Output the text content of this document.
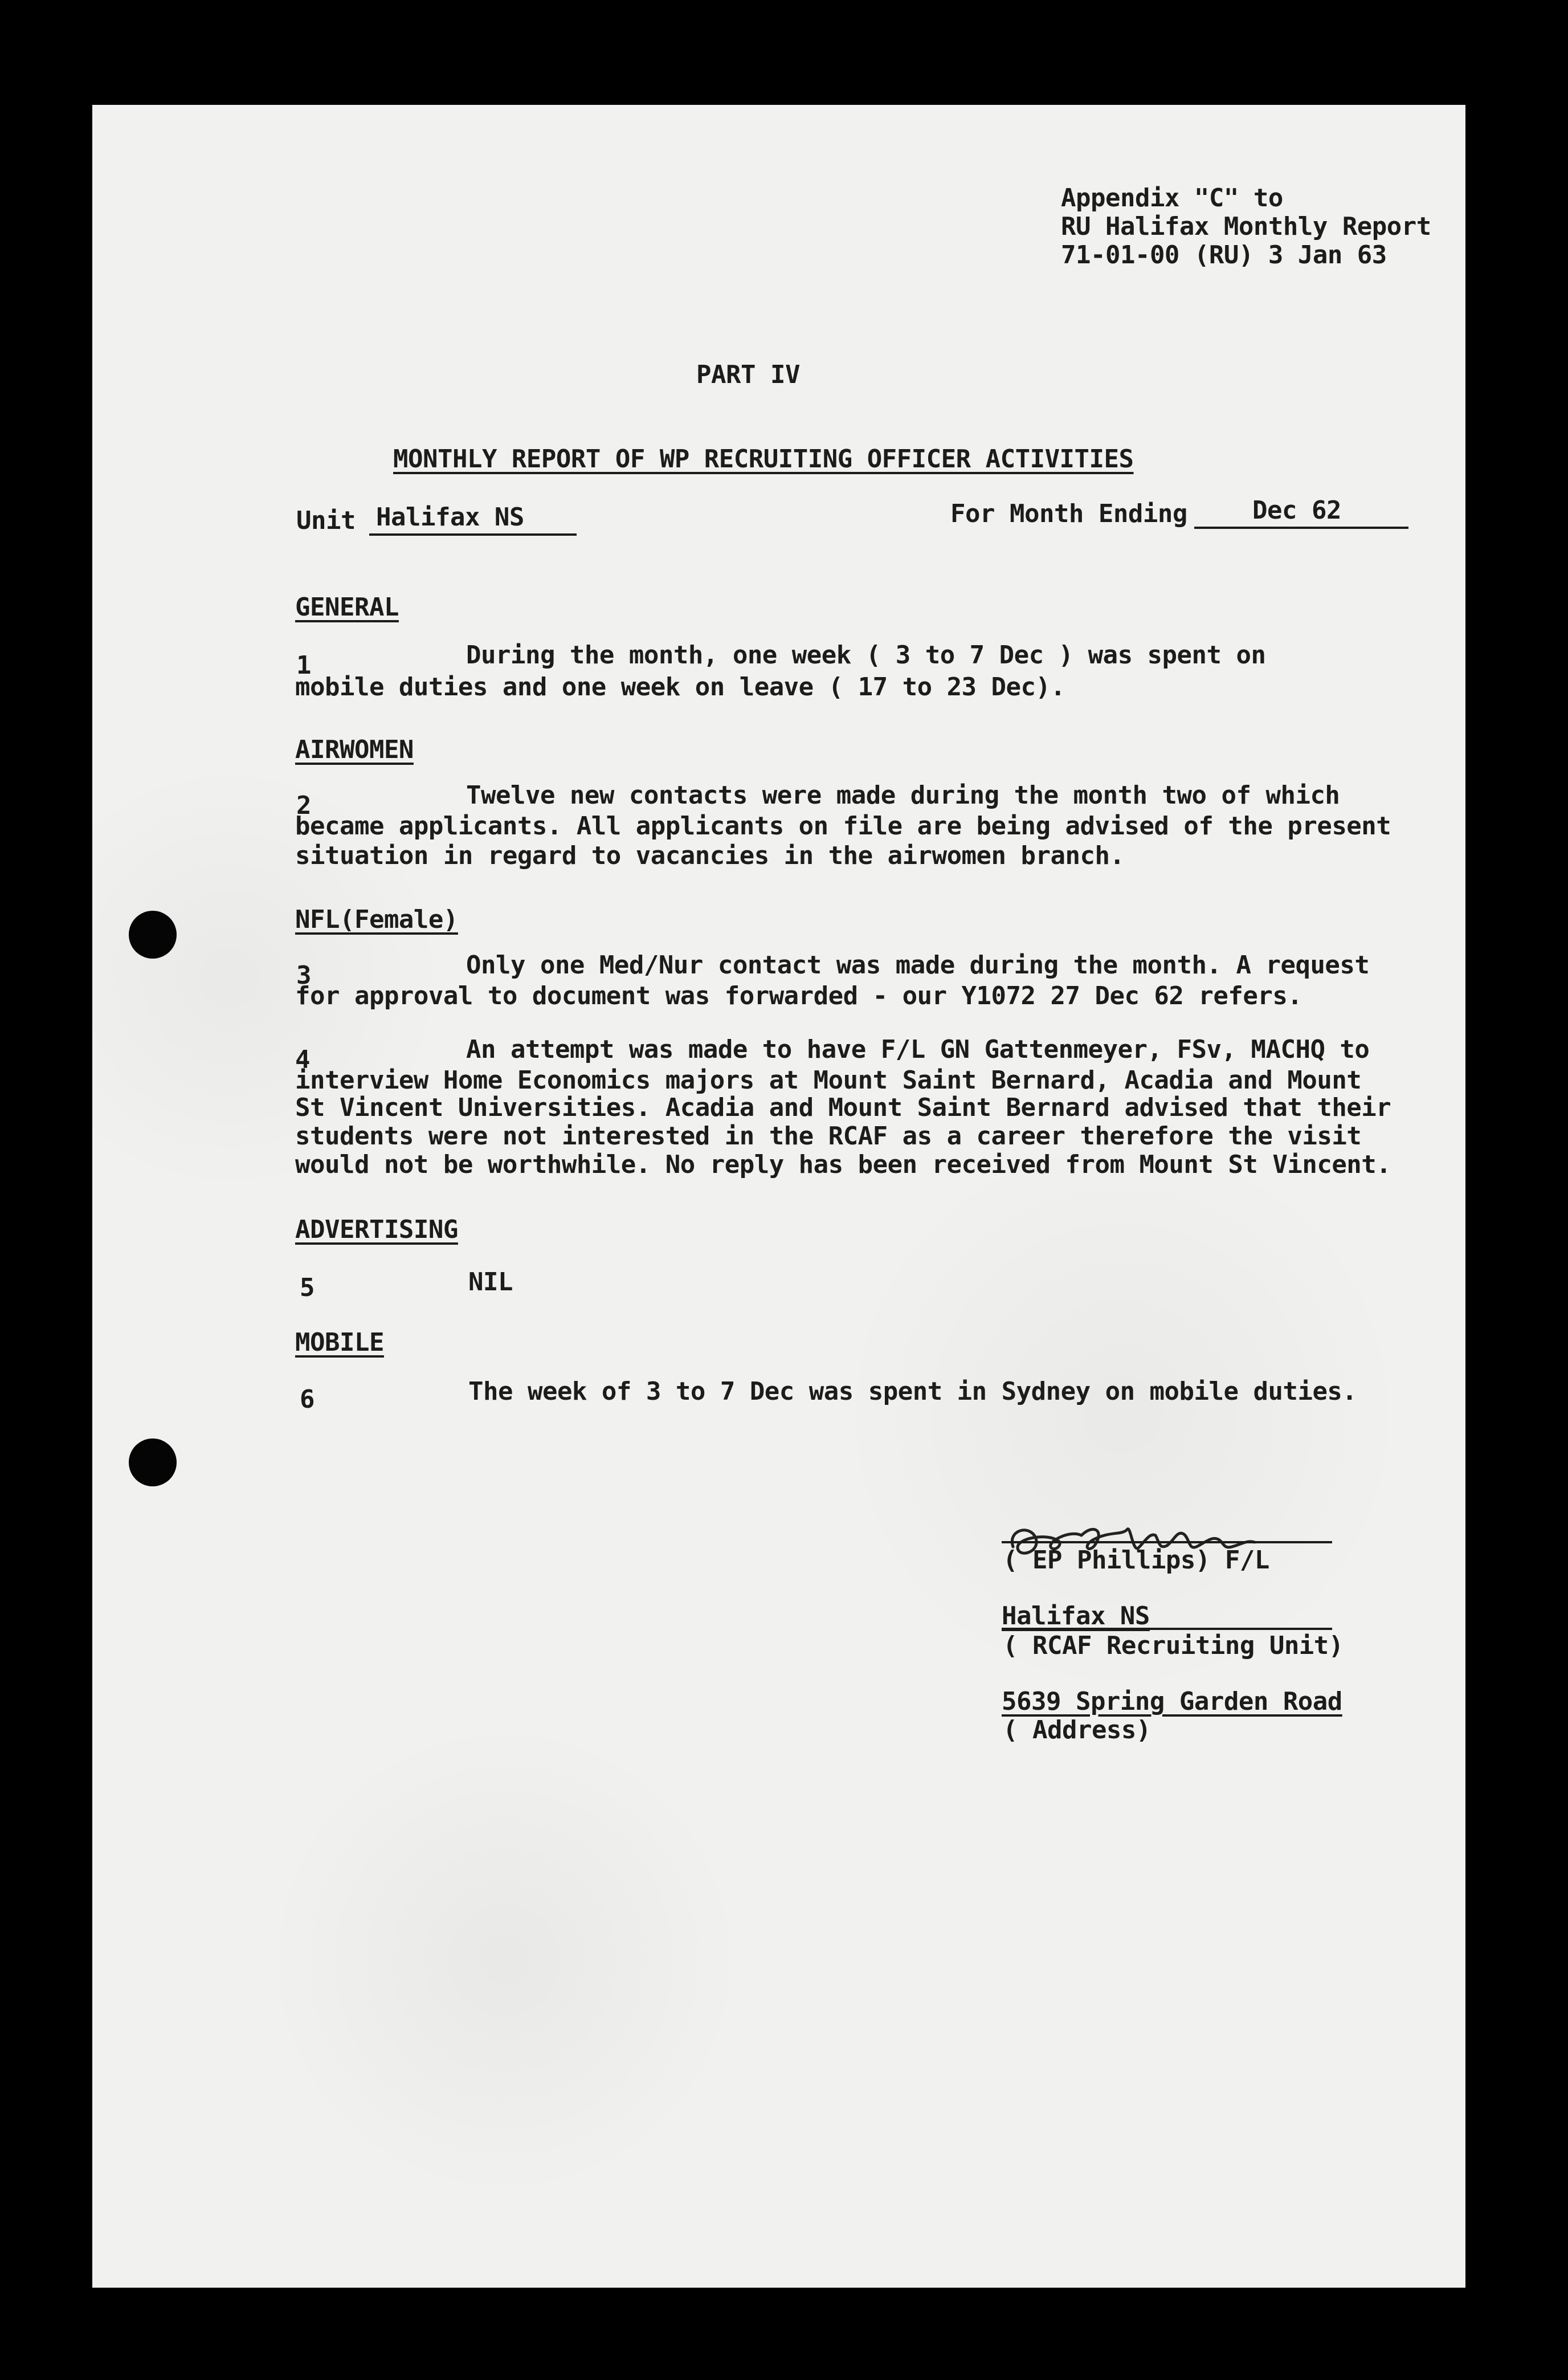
Appendix "C" to
RU Halifax Monthly Report
71-01-00 (RU) 3 Jan 63
PART IV
MONTHLY REPORT OF WP RECRUITING OFFICER ACTIVITIES
Unit Halifax NS	For Month Ending	Dec 62
GENERAL
1	During the month, one week ( 3 to 7 Dec ) was spent on
mobile duties and one week on leave ( 17 to 23 Dec).
AIRWOMEN
2	Twelve new contacts were made during the month two of which
became applicants. All applicants on file are being advised of the present
situation in regard to vacancies in the airwomen branch.
NFL(Female)
3	Only one Med/Nur contact was made during the month. A request
for approval to document was forwarded - our Y1072 27 Dec 62 refers.
4	An attempt was made to have F/L GN Gattenmeyer, FSv, MACHQ to
interview Home Economics majors at Mount Saint Bernard, Acadia and Mount
St Vincent Universities. Acadia and Mount Saint Bernard advised that their
students were not interested in the RCAF as a career therefore the visit
would not be worthwhile. No reply has been received from Mount St Vincent.
ADVERTISING
5	NIL
MOBILE
6	The week of 3 to 7 Dec was spent in Sydney on mobile duties.
( EP Phillips) F/L
Halifax NS
( RCAF Recruiting Unit)
5639 Spring Garden Road
( Address)
